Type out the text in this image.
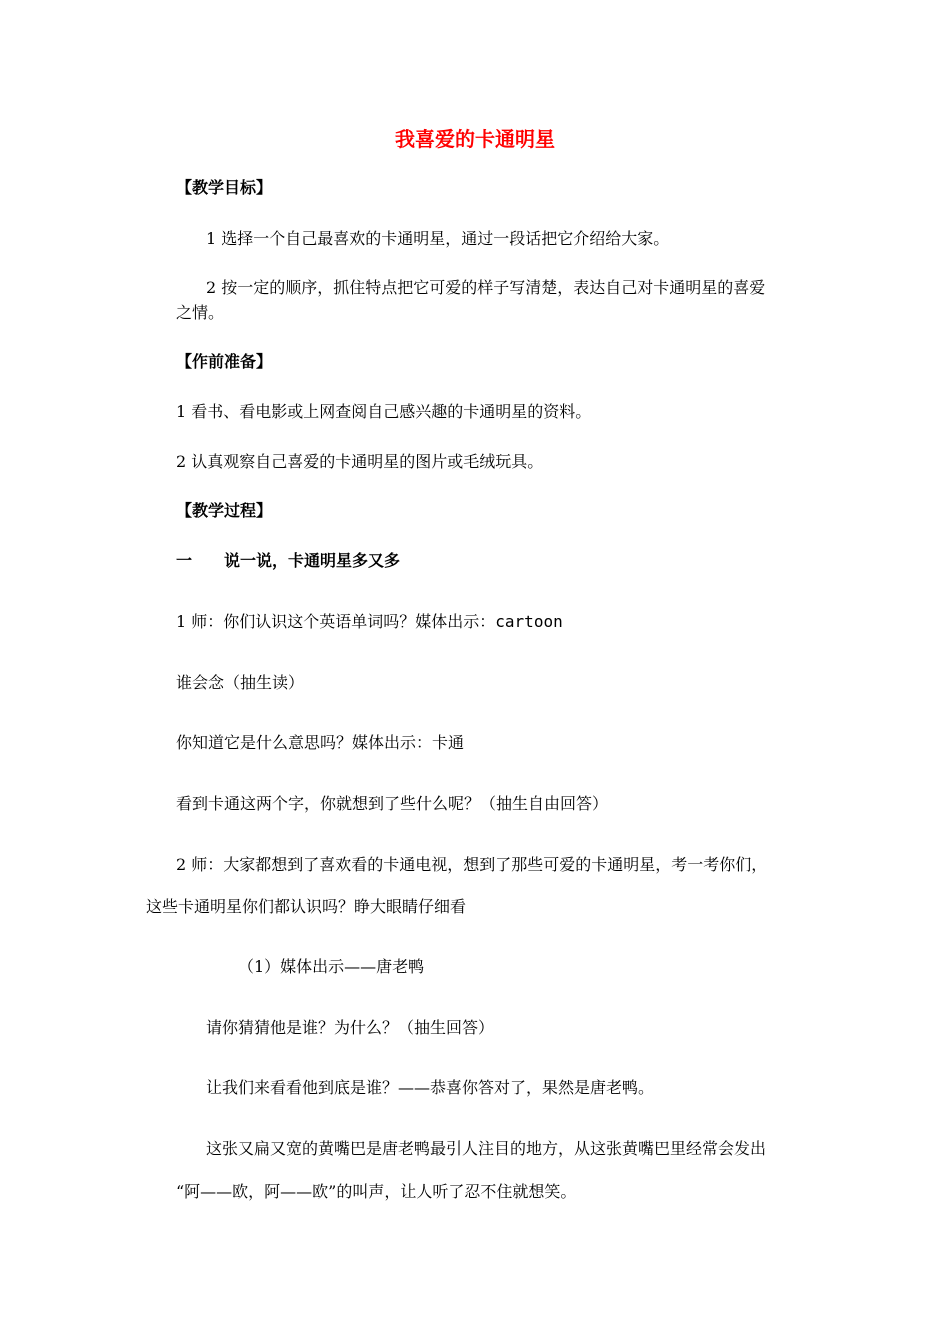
我喜爱的卡通明星
【教学目标】
1 选择一个自己最喜欢的卡通明星，通过一段话把它介绍给大家。
2 按一定的顺序，抓住特点把它可爱的样子写清楚，表达自己对卡通明星的喜爱
之情。
【作前准备】
1 看书、看电影或上网查阅自己感兴趣的卡通明星的资料。
2 认真观察自己喜爱的卡通明星的图片或毛绒玩具。
【教学过程】
一 说一说，卡通明星多又多
1 师：你们认识这个英语单词吗？媒体出示：cartoon
谁会念（抽生读）
你知道它是什么意思吗？媒体出示：卡通
看到卡通这两个字，你就想到了些什么呢？（抽生自由回答）
2 师：大家都想到了喜欢看的卡通电视，想到了那些可爱的卡通明星，考一考你们，
这些卡通明星你们都认识吗？睁大眼睛仔细看
（1）媒体出示——唐老鸭
请你猜猜他是谁？为什么？（抽生回答）
让我们来看看他到底是谁？——恭喜你答对了，果然是唐老鸭。
这张又扁又宽的黄嘴巴是唐老鸭最引人注目的地方，从这张黄嘴巴里经常会发出
“阿——欧，阿——欧”的叫声，让人听了忍不住就想笑。
